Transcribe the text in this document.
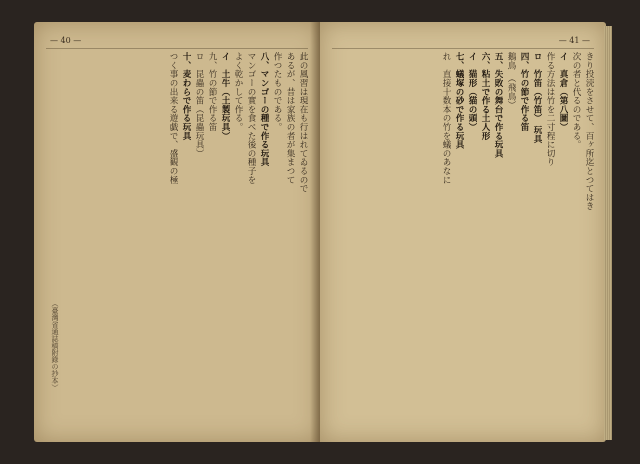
— 40 —
此の風習は現在も行はれてゐるので
あるが、昔は家族の者が集まつて
作つたものである。
八、マンゴーの種で作る玩具
マンゴーの實を食べた後の種子を
よく乾かして作る。
イ　土牛（土製玩具）
九、竹の節で作る笛
ロ　昆蟲の笛（昆蟲玩具）
十、麦わらで作る玩具
つく事の出来る遊戯で、盛観の極
（臺灣省通誌稿附錄の抄本）
— 41 —
きり投涜をさせて、百ヶ所迄とつてはき
次の者と代るのである。
イ　真倉（第八圖）
作る方法は竹を二寸程に切り
ロ　竹笛（竹笛） 玩具
四、竹の節で作る笛
鵝鳥　（飛鳥）
五、失敗の舞台で作る玩具
六、粘土で作る土人形
イ　猫形（猫の頭）
七、蟻塚の砂で作る玩具
れ　直接十数本の竹を蟻のあなに
